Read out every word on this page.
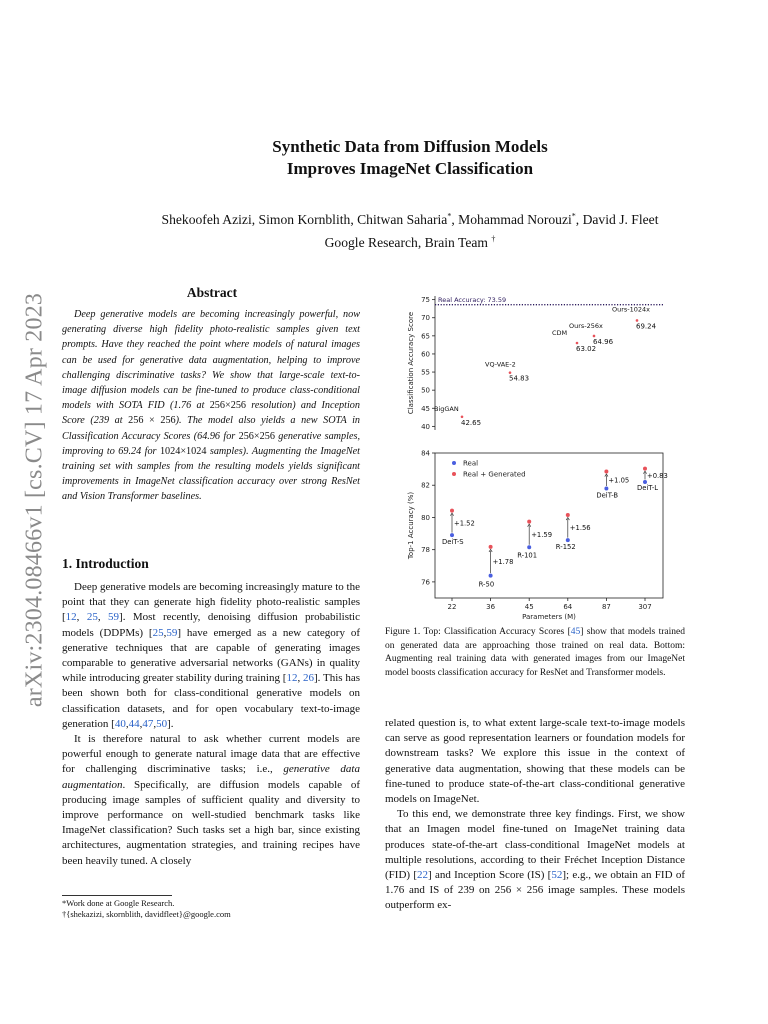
arXiv:2304.08466v1 [cs.CV] 17 Apr 2023
Synthetic Data from Diffusion Models
Improves ImageNet Classification
Shekoofeh Azizi, Simon Kornblith, Chitwan Saharia*, Mohammad Norouzi*, David J. Fleet
Google Research, Brain Team †
Abstract

Deep generative models are becoming increasingly powerful, now generating diverse high fidelity photo-realistic samples given text prompts. Have they reached the point where models of natural images can be used for generative data augmentation, helping to improve challenging discriminative tasks? We show that large-scale text-to-image diffusion models can be fine-tuned to produce class-conditional models with SOTA FID (1.76 at 256×256 resolution) and Inception Score (239 at 256 × 256). The model also yields a new SOTA in Classification Accuracy Scores (64.96 for 256×256 generative samples, improving to 69.24 for 1024×1024 samples). Augmenting the ImageNet training set with samples from the resulting models yields significant improvements in ImageNet classification accuracy over strong ResNet and Vision Transformer baselines.

1. Introduction

Deep generative models are becoming increasingly mature to the point that they can generate high fidelity photo-realistic samples [12, 25, 59]. Most recently, denoising diffusion probabilistic models (DDPMs) [25,59] have emerged as a new category of generative techniques that are capable of generating images comparable to generative adversarial networks (GANs) in quality while introducing greater stability during training [12, 26]. This has been shown both for class-conditional generative models on classification datasets, and for open vocabulary text-to-image generation [40,44,47,50].

It is therefore natural to ask whether current models are powerful enough to generate natural image data that are effective for challenging discriminative tasks; i.e., generative data augmentation. Specifically, are diffusion models capable of producing image samples of sufficient quality and diversity to improve performance on well-studied benchmark tasks like ImageNet classification? Such tasks set a high bar, since existing architectures, augmentation strategies, and training recipes have been heavily tuned. A closely

*Work done at Google Research.
†{shekazizi, skornblith, davidfleet}@google.com
40
45
50
55
60
65
70
75
Classification Accuracy Score
Real Accuracy: 73.59
BigGAN
42.65
VQ-VAE-2
54.83
CDM
63.02
Ours-256x
64.96
Ours-1024x
69.24
76
78
80
82
84
22	36	45	64	87	307
Parameters (M)
Top-1 Accuracy (%)
Real
Real + Generated
+1.52
DeiT-S
+1.78
R-50
+1.59
R-101
+1.56
R-152
+1.05
DeiT-B
+0.83
DeiT-L
Figure 1. Top: Classification Accuracy Scores [45] show that models trained on generated data are approaching those trained on real data. Bottom: Augmenting real training data with generated images from our ImageNet model boosts classification accuracy for ResNet and Transformer models.

related question is, to what extent large-scale text-to-image models can serve as good representation learners or foundation models for downstream tasks? We explore this issue in the context of generative data augmentation, showing that these models can be fine-tuned to produce state-of-the-art class-conditional generative models on ImageNet.

To this end, we demonstrate three key findings. First, we show that an Imagen model fine-tuned on ImageNet training data produces state-of-the-art class-conditional ImageNet models at multiple resolutions, according to their Fréchet Inception Distance (FID) [22] and Inception Score (IS) [52]; e.g., we obtain an FID of 1.76 and IS of 239 on 256 × 256 image samples. These models outperform ex-
